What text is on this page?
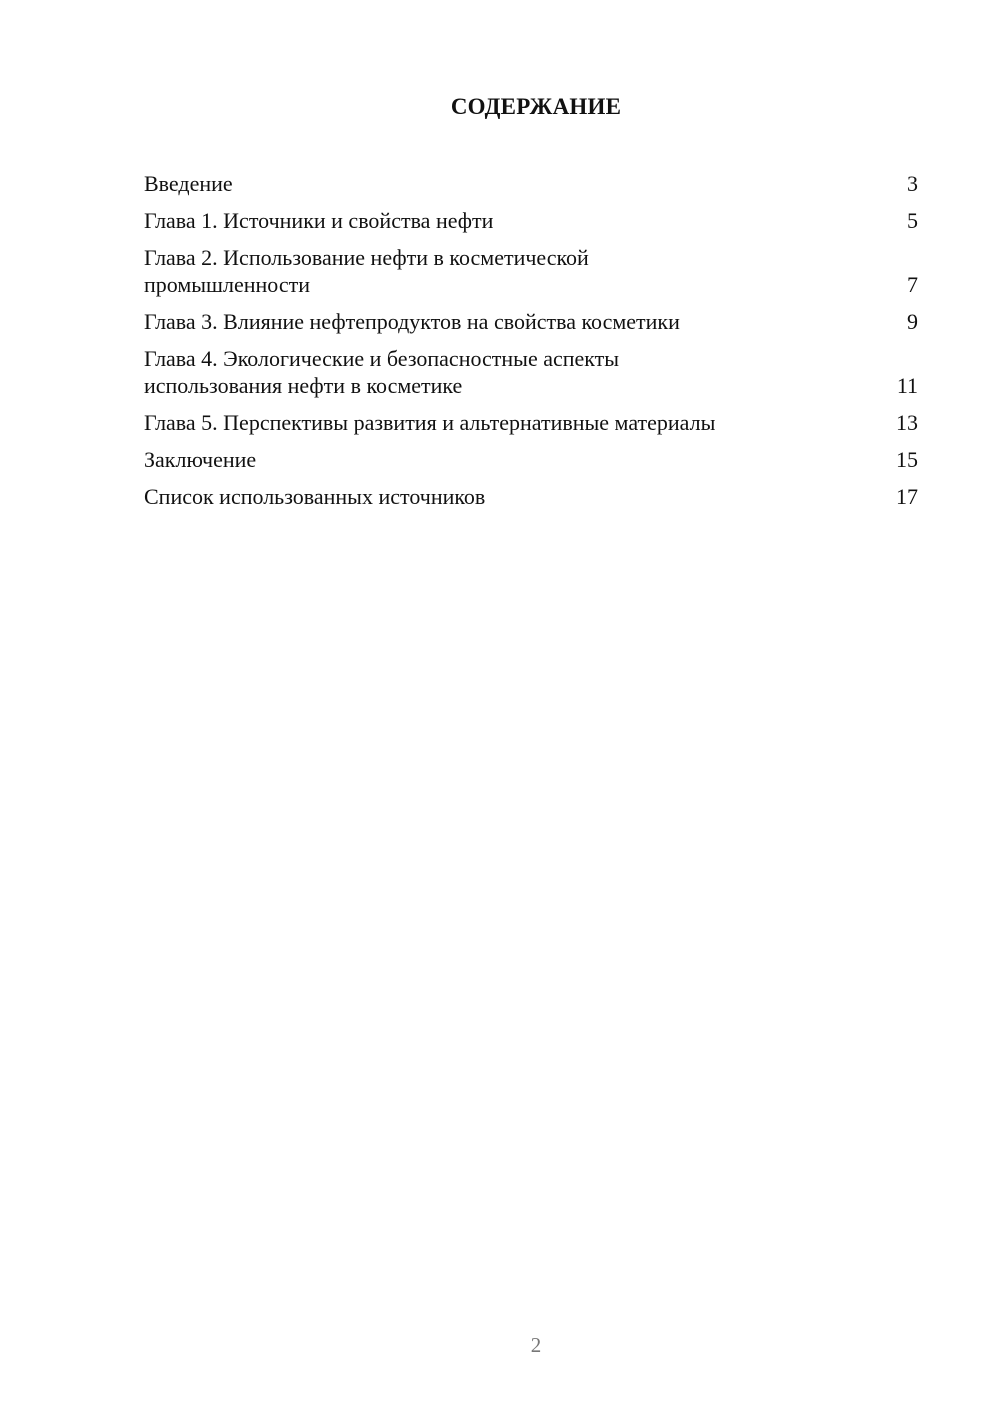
СОДЕРЖАНИЕ
Введение	3
Глава 1. Источники и свойства нефти	5
Глава 2. Использование нефти в косметической
промышленности	7
Глава 3. Влияние нефтепродуктов на свойства косметики	9
Глава 4. Экологические и безопасностные аспекты
использования нефти в косметике	11
Глава 5. Перспективы развития и альтернативные материалы	13
Заключение	15
Список использованных источников	17
2
